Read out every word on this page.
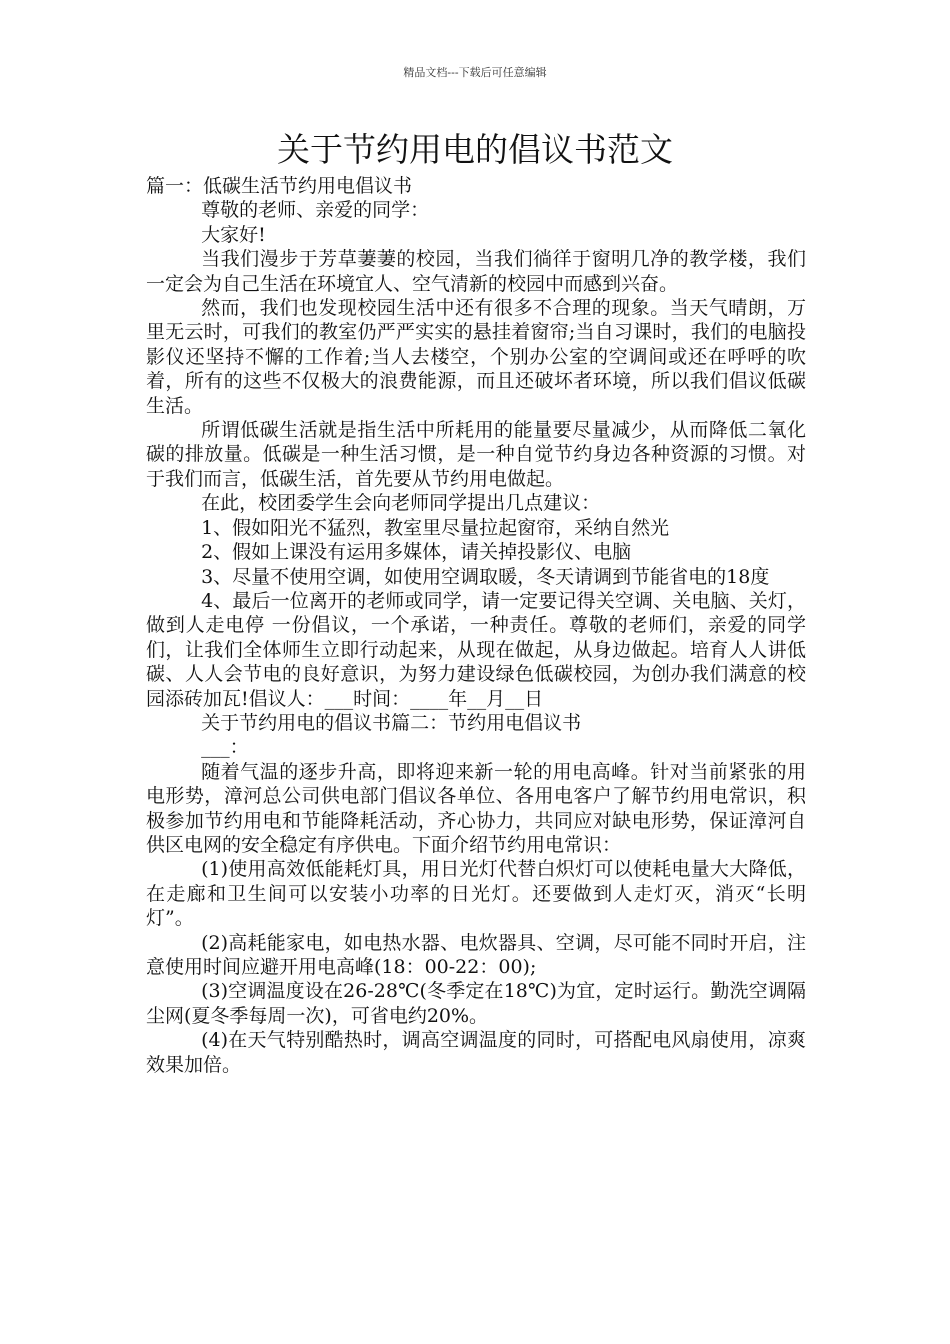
精品文档---下载后可任意编辑
关于节约用电的倡议书范文

篇一：低碳生活节约用电倡议书

尊敬的老师、亲爱的同学：

大家好!

当我们漫步于芳草萋萋的校园，当我们徜徉于窗明几净的教学楼，我们一定会为自己生活在环境宜人、空气清新的校园中而感到兴奋。

然而，我们也发现校园生活中还有很多不合理的现象。当天气晴朗，万里无云时，可我们的教室仍严严实实的悬挂着窗帘;当自习课时，我们的电脑投影仪还坚持不懈的工作着;当人去楼空，个别办公室的空调间或还在呼呼的吹着，所有的这些不仅极大的浪费能源，而且还破坏者环境，所以我们倡议低碳生活。

所谓低碳生活就是指生活中所耗用的能量要尽量减少，从而降低二氧化碳的排放量。低碳是一种生活习惯，是一种自觉节约身边各种资源的习惯。对于我们而言，低碳生活，首先要从节约用电做起。

在此，校团委学生会向老师同学提出几点建议：

1、假如阳光不猛烈，教室里尽量拉起窗帘，采纳自然光

2、假如上课没有运用多媒体，请关掉投影仪、电脑

3、尽量不使用空调，如使用空调取暖，冬天请调到节能省电的18度

4、最后一位离开的老师或同学，请一定要记得关空调、关电脑、关灯，做到人走电停 一份倡议，一个承诺，一种责任。尊敬的老师们，亲爱的同学们，让我们全体师生立即行动起来，从现在做起，从身边做起。培育人人讲低碳、人人会节电的良好意识，为努力建设绿色低碳校园，为创办我们满意的校园添砖加瓦!倡议人：___时间：____年__月__日

关于节约用电的倡议书篇二：节约用电倡议书

___：

随着气温的逐步升高，即将迎来新一轮的用电高峰。针对当前紧张的用电形势，漳河总公司供电部门倡议各单位、各用电客户了解节约用电常识，积极参加节约用电和节能降耗活动，齐心协力，共同应对缺电形势，保证漳河自供区电网的安全稳定有序供电。下面介绍节约用电常识：

(1)使用高效低能耗灯具，用日光灯代替白炽灯可以使耗电量大大降低，在走廊和卫生间可以安装小功率的日光灯。还要做到人走灯灭，消灭“长明灯”。

(2)高耗能家电，如电热水器、电炊器具、空调，尽可能不同时开启，注意使用时间应避开用电高峰(18：00-22：00);

(3)空调温度设在26-28℃(冬季定在18℃)为宜，定时运行。勤洗空调隔尘网(夏冬季每周一次)，可省电约20%。

(4)在天气特别酷热时，调高空调温度的同时，可搭配电风扇使用，凉爽效果加倍。
